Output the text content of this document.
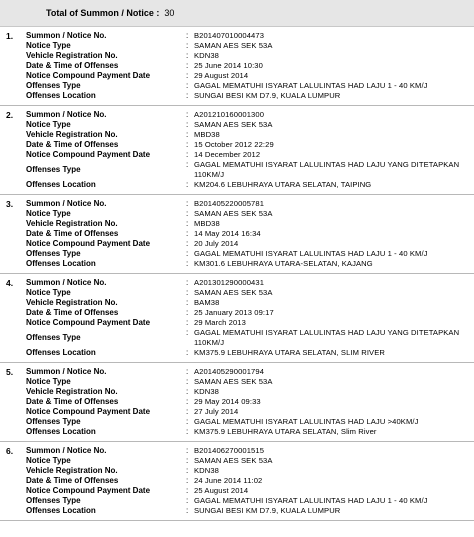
Total of Summon / Notice : 30
1. Summon / Notice No.	: B201407010004473
Notice Type	: SAMAN AES SEK 53A
Vehicle Registration No.	: KDN38
Date & Time of Offenses	: 25 June 2014 10:30
Notice Compound Payment Date	: 29 August 2014
Offenses Type	: GAGAL MEMATUHI ISYARAT LALULINTAS HAD LAJU 1 - 40 KM/J
Offenses Location	: SUNGAI BESI KM D7.9, KUALA LUMPUR
2. Summon / Notice No.	: A201210160001300
Notice Type	: SAMAN AES SEK 53A
Vehicle Registration No.	: MBD38
Date & Time of Offenses	: 15 October 2012 22:29
Notice Compound Payment Date	: 14 December 2012
Offenses Type
: GAGAL MEMATUHI ISYARAT LALULINTAS HAD LAJU YANG DITETAPKAN 110KM/J
Offenses Location	: KM204.6 LEBUHRAYA UTARA SELATAN, TAIPING
3. Summon / Notice No.	: B201405220005781
Notice Type	: SAMAN AES SEK 53A
Vehicle Registration No.	: MBD38
Date & Time of Offenses	: 14 May 2014 16:34
Notice Compound Payment Date	: 20 July 2014
Offenses Type	: GAGAL MEMATUHI ISYARAT LALULINTAS HAD LAJU 1 - 40 KM/J
Offenses Location	: KM301.6 LEBUHRAYA UTARA-SELATAN, KAJANG
4. Summon / Notice No.	: A201301290000431
Notice Type	: SAMAN AES SEK 53A
Vehicle Registration No.	: BAM38
Date & Time of Offenses	: 25 January 2013 09:17
Notice Compound Payment Date	: 29 March 2013
Offenses Type
: GAGAL MEMATUHI ISYARAT LALULINTAS HAD LAJU YANG DITETAPKAN 110KM/J
Offenses Location	: KM375.9 LEBUHRAYA UTARA SELATAN, SLIM RIVER
5. Summon / Notice No.	: A201405290001794
Notice Type	: SAMAN AES SEK 53A
Vehicle Registration No.	: KDN38
Date & Time of Offenses	: 29 May 2014 09:33
Notice Compound Payment Date	: 27 July 2014
Offenses Type	: GAGAL MEMATUHI ISYARAT LALULINTAS HAD LAJU >40KM/J
Offenses Location	: KM375.9 LEBUHRAYA UTARA SELATAN, Slim River
6. Summon / Notice No.	: B201406270001515
Notice Type	: SAMAN AES SEK 53A
Vehicle Registration No.	: KDN38
Date & Time of Offenses	: 24 June 2014 11:02
Notice Compound Payment Date	: 25 August 2014
Offenses Type	: GAGAL MEMATUHI ISYARAT LALULINTAS HAD LAJU 1 - 40 KM/J
Offenses Location	: SUNGAI BESI KM D7.9, KUALA LUMPUR
